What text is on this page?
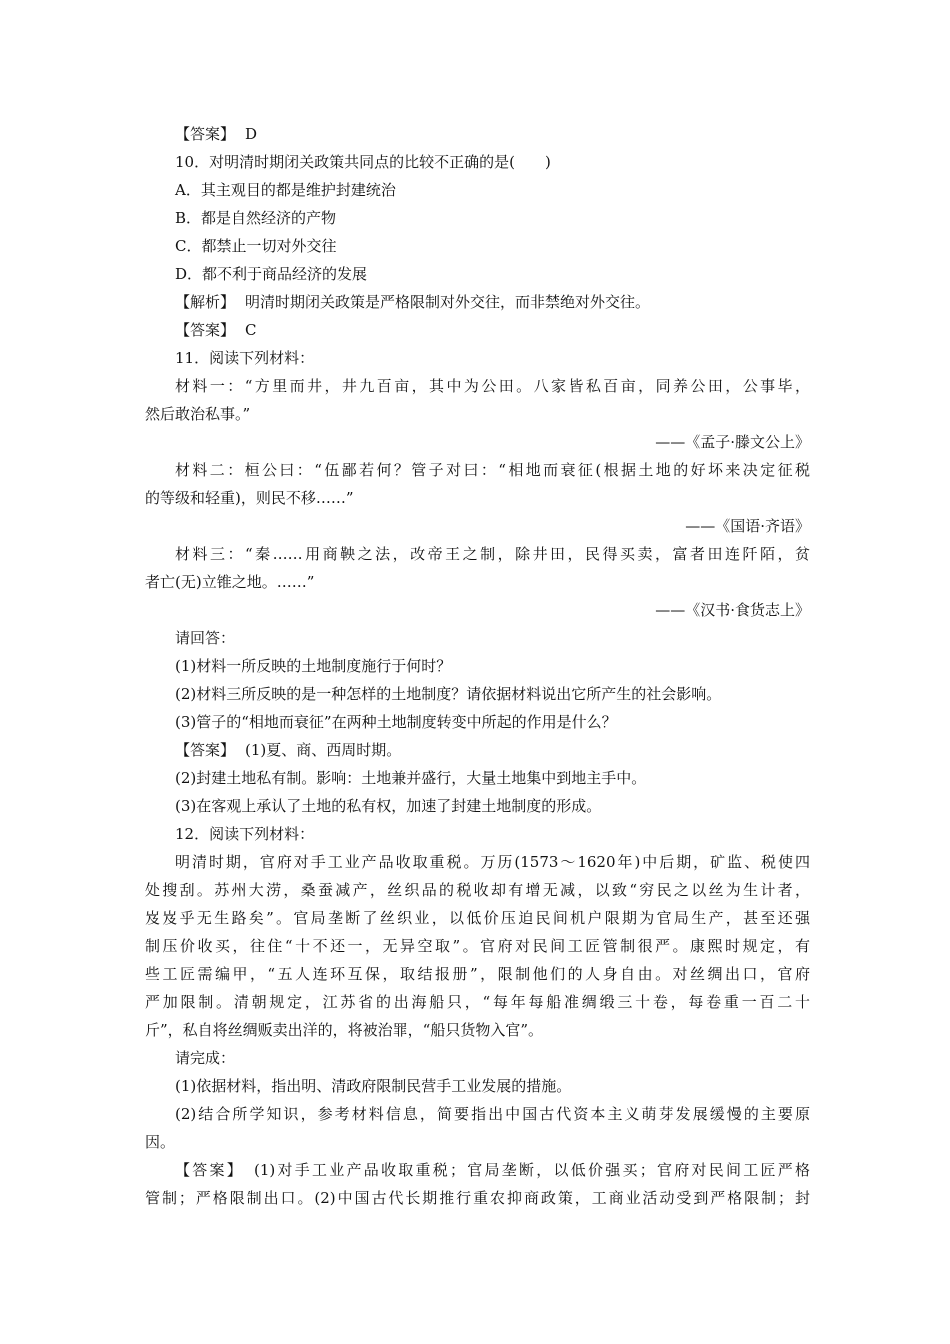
【答案】 D
10．对明清时期闭关政策共同点的比较不正确的是(　　)
A．其主观目的都是维护封建统治
B．都是自然经济的产物
C．都禁止一切对外交往
D．都不利于商品经济的发展
【解析】 明清时期闭关政策是严格限制对外交往，而非禁绝对外交往。
【答案】 C
11．阅读下列材料：
材料一：“方里而井，井九百亩，其中为公田。八家皆私百亩，同养公田，公事毕，
然后敢治私事。”
——《孟子·滕文公上》
材料二：桓公曰：“伍鄙若何？管子对曰：“相地而衰征(根据土地的好坏来决定征税
的等级和轻重)，则民不移……”
——《国语·齐语》
材料三：“秦……用商鞅之法，改帝王之制，除井田，民得买卖，富者田连阡陌，贫
者亡(无)立锥之地。……”
——《汉书·食货志上》
请回答：
(1)材料一所反映的土地制度施行于何时？
(2)材料三所反映的是一种怎样的土地制度？请依据材料说出它所产生的社会影响。
(3)管子的“相地而衰征”在两种土地制度转变中所起的作用是什么？
【答案】 (1)夏、商、西周时期。
(2)封建土地私有制。影响：土地兼并盛行，大量土地集中到地主手中。
(3)在客观上承认了土地的私有权，加速了封建土地制度的形成。
12．阅读下列材料：
明清时期，官府对手工业产品收取重税。万历(1573～1620年)中后期，矿监、税使四
处搜刮。苏州大涝，桑蚕减产，丝织品的税收却有增无减，以致“穷民之以丝为生计者，
岌岌乎无生路矣”。官局垄断了丝织业，以低价压迫民间机户限期为官局生产，甚至还强
制压价收买，往住“十不还一，无异空取”。官府对民间工匠管制很严。康熙时规定，有
些工匠需编甲，“五人连环互保，取结报册”，限制他们的人身自由。对丝绸出口，官府
严加限制。清朝规定，江苏省的出海船只，“每年每船准绸缎三十卷，每卷重一百二十
斤”，私自将丝绸贩卖出洋的，将被治罪，“船只货物入官”。
请完成：
(1)依据材料，指出明、清政府限制民营手工业发展的措施。
(2)结合所学知识，参考材料信息，简要指出中国古代资本主义萌芽发展缓慢的主要原
因。
【答案】 (1)对手工业产品收取重税；官局垄断，以低价强买；官府对民间工匠严格
管制；严格限制出口。(2)中国古代长期推行重农抑商政策，工商业活动受到严格限制；封
